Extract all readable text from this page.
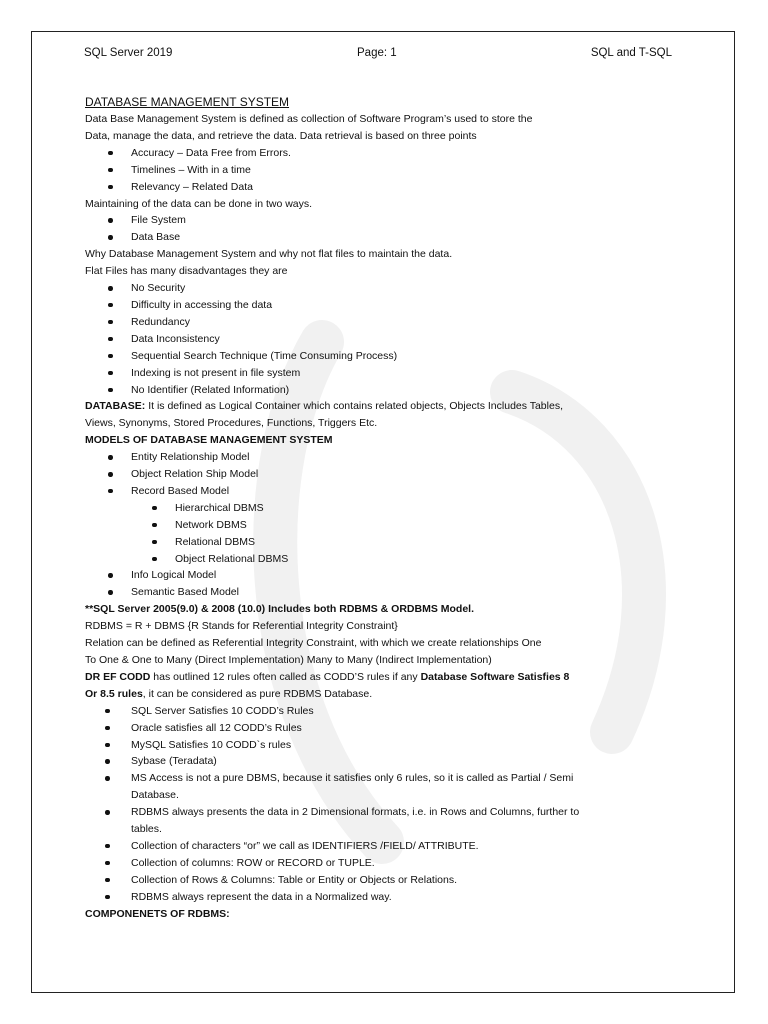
SQL Server 2019	Page: 1	SQL and T-SQL

DATABASE MANAGEMENT SYSTEM

Data Base Management System is defined as collection of Software Program’s used to store the

Data, manage the data, and retrieve the data. Data retrieval is based on three points

Accuracy – Data Free from Errors.
Timelines – With in a time
Relevancy – Related Data

Maintaining of the data can be done in two ways.

File System
Data Base

Why Database Management System and why not flat files to maintain the data.

Flat Files has many disadvantages they are

No Security
Difficulty in accessing the data
Redundancy
Data Inconsistency
Sequential Search Technique (Time Consuming Process)
Indexing is not present in file system
No Identifier (Related Information)

DATABASE: It is defined as Logical Container which contains related objects, Objects Includes Tables,

Views, Synonyms, Stored Procedures, Functions, Triggers Etc.

MODELS OF DATABASE MANAGEMENT SYSTEM

Entity Relationship Model
Object Relation Ship Model
Record Based Model
Hierarchical DBMS
Network DBMS
Relational DBMS
Object Relational DBMS
Info Logical Model
Semantic Based Model

**SQL Server 2005(9.0) & 2008 (10.0) Includes both RDBMS & ORDBMS Model.

RDBMS = R + DBMS {R Stands for Referential Integrity Constraint}

Relation can be defined as Referential Integrity Constraint, with which we create relationships One

To One & One to Many (Direct Implementation) Many to Many (Indirect Implementation)

DR EF CODD has outlined 12 rules often called as CODD’S rules if any Database Software Satisfies 8

Or 8.5 rules, it can be considered as pure RDBMS Database.

SQL Server Satisfies 10 CODD’s Rules
Oracle satisfies all 12 CODD’s Rules
MySQL Satisfies 10 CODD`s rules
Sybase (Teradata)
MS Access is not a pure DBMS, because it satisfies only 6 rules, so it is called as Partial / Semi
Database.
RDBMS always presents the data in 2 Dimensional formats, i.e. in Rows and Columns, further to
tables.
Collection of characters “or” we call as IDENTIFIERS /FIELD/ ATTRIBUTE.
Collection of columns: ROW or RECORD or TUPLE.
Collection of Rows & Columns: Table or Entity or Objects or Relations.
RDBMS always represent the data in a Normalized way.

COMPONENETS OF RDBMS:
